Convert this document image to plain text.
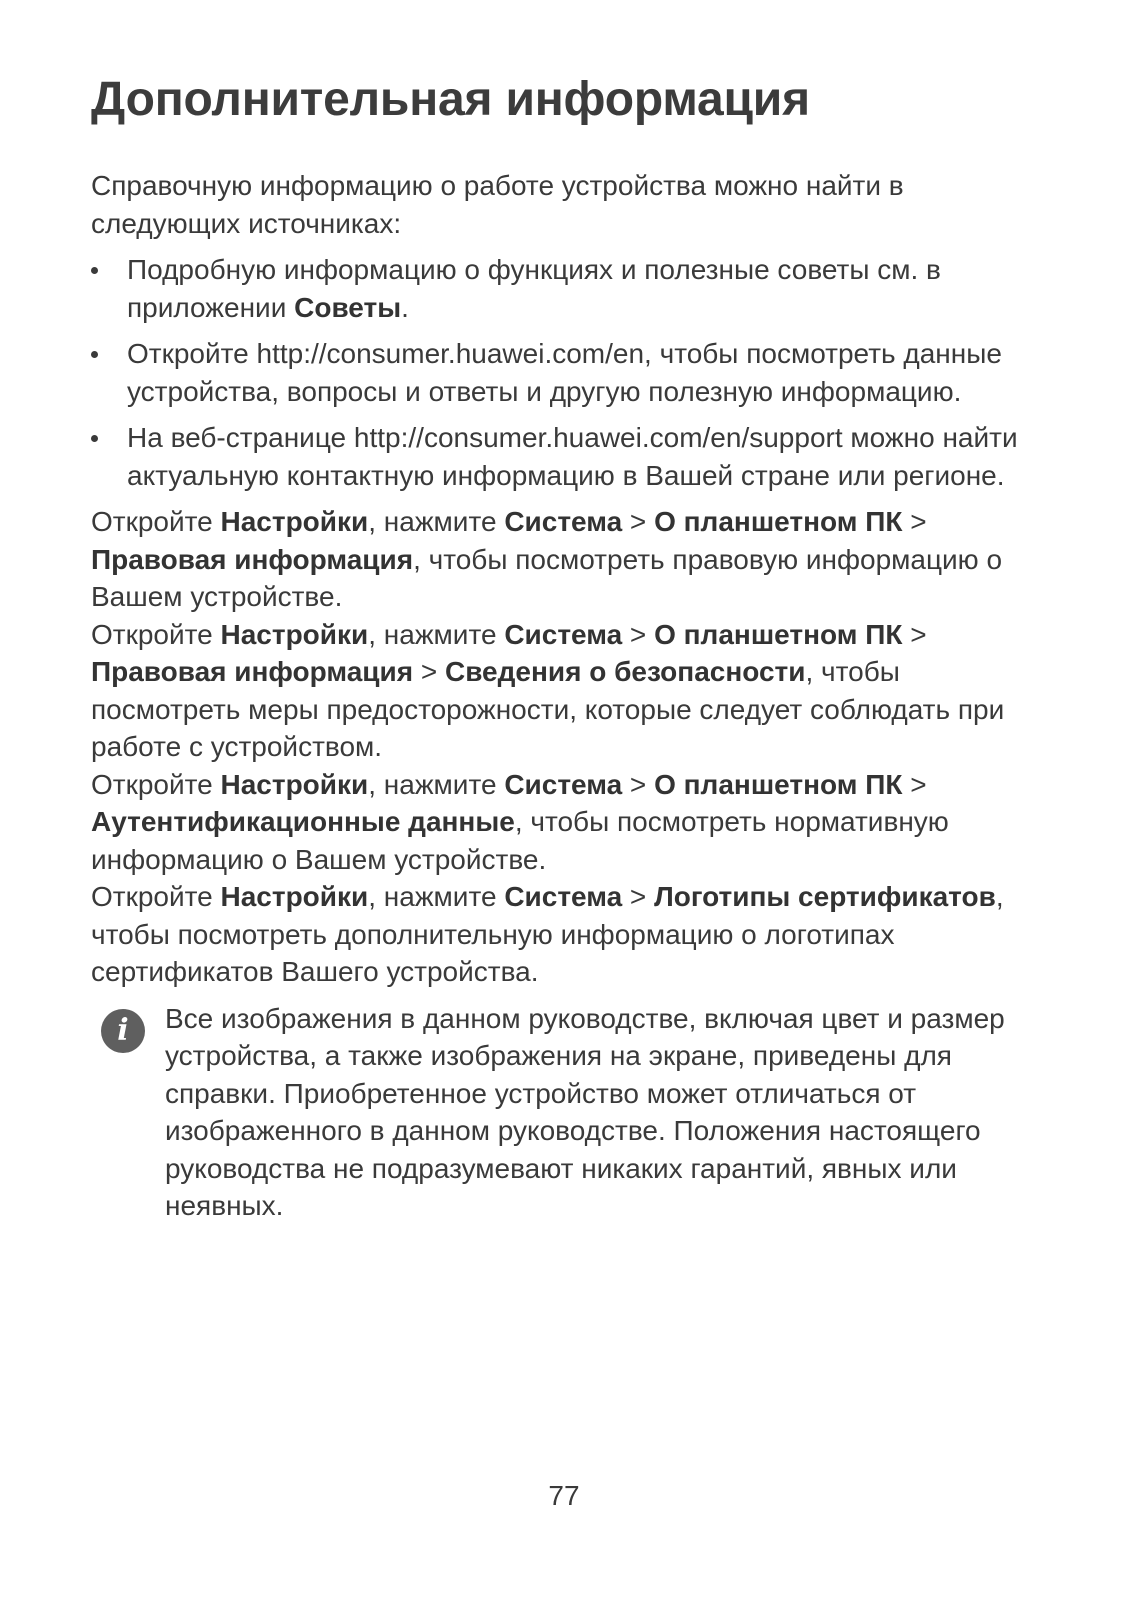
Дополнительная информация

Справочную информацию о работе устройства можно найти в следующих источниках:

Подробную информацию о функциях и полезные советы см. в приложении Советы.
Откройте http://consumer.huawei.com/en, чтобы посмотреть данные устройства, вопросы и ответы и другую полезную информацию.
На веб-странице http://consumer.huawei.com/en/support можно найти актуальную контактную информацию в Вашей стране или регионе.

Откройте Настройки, нажмите Система > О планшетном ПК > Правовая информация, чтобы посмотреть правовую информацию о Вашем устройстве.

Откройте Настройки, нажмите Система > О планшетном ПК > Правовая информация > Сведения о безопасности, чтобы посмотреть меры предосторожности, которые следует соблюдать при работе с устройством.

Откройте Настройки, нажмите Система > О планшетном ПК > Аутентификационные данные, чтобы посмотреть нормативную информацию о Вашем устройстве.

Откройте Настройки, нажмите Система > Логотипы сертификатов, чтобы посмотреть дополнительную информацию о логотипах сертификатов Вашего устройства.

i	Все изображения в данном руководстве, включая цвет и размер устройства, а также изображения на экране, приведены для справки. Приобретенное устройство может отличаться от изображенного в данном руководстве. Положения настоящего руководства не подразумевают никаких гарантий, явных или неявных.

77
